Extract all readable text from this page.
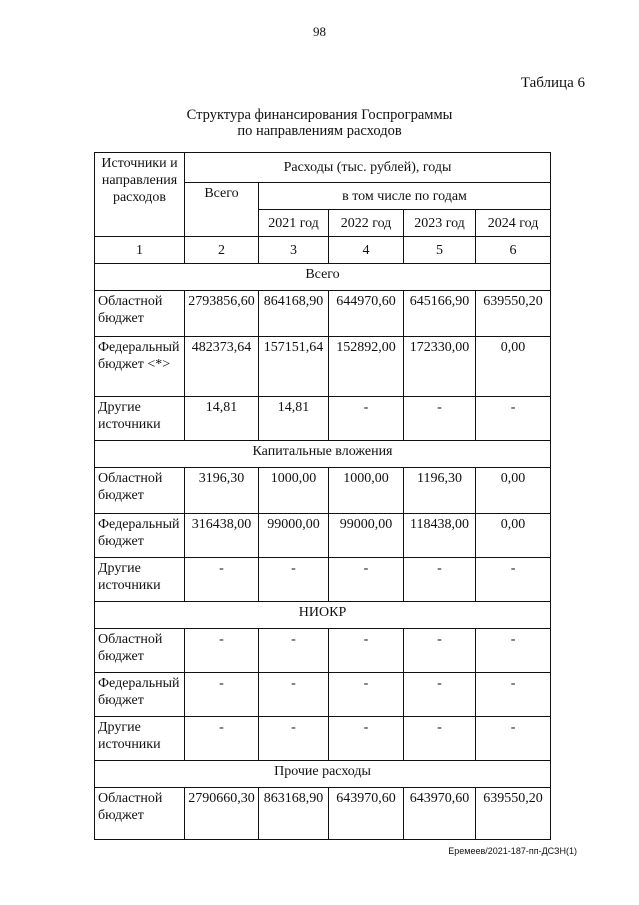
98
Таблица 6
Структура финансирования Госпрограммы
по направлениям расходов
Источники и направления расходов	Расходы (тыс. рублей), годы				
	Всего	в том числе по годам			
		2021 год	2022 год	2023 год	2024 год
1	2	3	4	5	6
Всего					
Областной бюджет	2793856,60	864168,90	644970,60	645166,90	639550,20
Федеральный бюджет <*>	482373,64	157151,64	152892,00	172330,00	0,00
Другие источники	14,81	14,81	-	-	-
Капитальные вложения					
Областной бюджет	3196,30	1000,00	1000,00	1196,30	0,00
Федеральный бюджет	316438,00	99000,00	99000,00	118438,00	0,00
Другие источники	-	-	-	-	-
НИОКР					
Областной бюджет	-	-	-	-	-
Федеральный бюджет	-	-	-	-	-
Другие источники	-	-	-	-	-
Прочие расходы					
Областной бюджет	2790660,30	863168,90	643970,60	643970,60	639550,20
Еремеев/2021-187-пп-ДСЗН(1)
